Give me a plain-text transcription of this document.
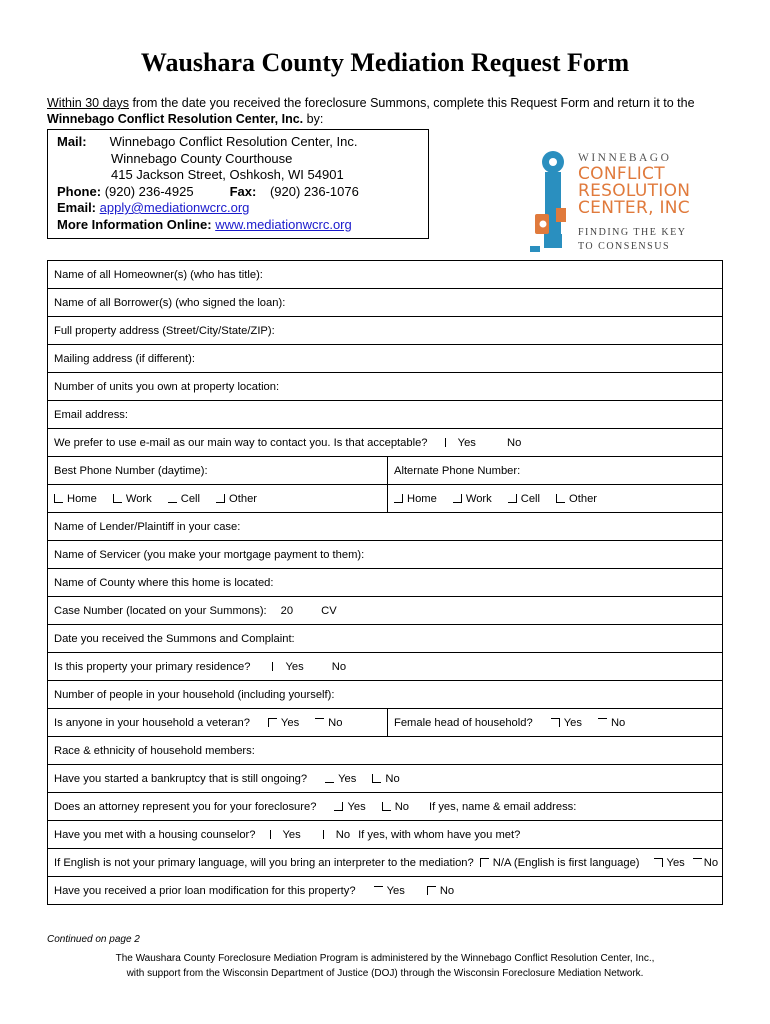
Waushara County Mediation Request Form
Within 30 days from the date you received the foreclosure Summons, complete this Request Form and return it to the Winnebago Conflict Resolution Center, Inc. by:
Mail: Winnebago Conflict Resolution Center, Inc.
Winnebago County Courthouse
415 Jackson Street, Oshkosh, WI 54901
Phone: (920) 236-4925	Fax: (920) 236-1076
Email: apply@mediationwcrc.org
More Information Online: www.mediationwcrc.org
WINNEBAGO
CONFLICT
RESOLUTION
CENTER, INC
FINDING THE KEY
TO CONSENSUS
Name of all Homeowner(s) (who has title):	
Name of all Borrower(s) (who signed the loan):	
Full property address (Street/City/State/ZIP):	
Mailing address (if different):	
Number of units you own at property location:	
Email address:	
We prefer to use e-mail as our main way to contact you. Is that acceptable? Yes No	
Best Phone Number (daytime):	Alternate Phone Number:
Home Work Cell Other	Home Work Cell Other
Name of Lender/Plaintiff in your case:	
Name of Servicer (you make your mortgage payment to them):	
Name of County where this home is located:	
Case Number (located on your Summons): 20 CV	
Date you received the Summons and Complaint:	
Is this property your primary residence? Yes No	
Number of people in your household (including yourself):	
Is anyone in your household a veteran? Yes No	Female head of household? Yes No
Race & ethnicity of household members:	
Have you started a bankruptcy that is still ongoing? Yes No	
Does an attorney represent you for your foreclosure? Yes No If yes, name & email address:	
Have you met with a housing counselor? Yes No If yes, with whom have you met?	
If English is not your primary language, will you bring an interpreter to the mediation? N/A (English is first language) Yes No	
Have you received a prior loan modification for this property? Yes No	
Continued on page 2
The Waushara County Foreclosure Mediation Program is administered by the Winnebago Conflict Resolution Center, Inc.,
with support from the Wisconsin Department of Justice (DOJ) through the Wisconsin Foreclosure Mediation Network.
